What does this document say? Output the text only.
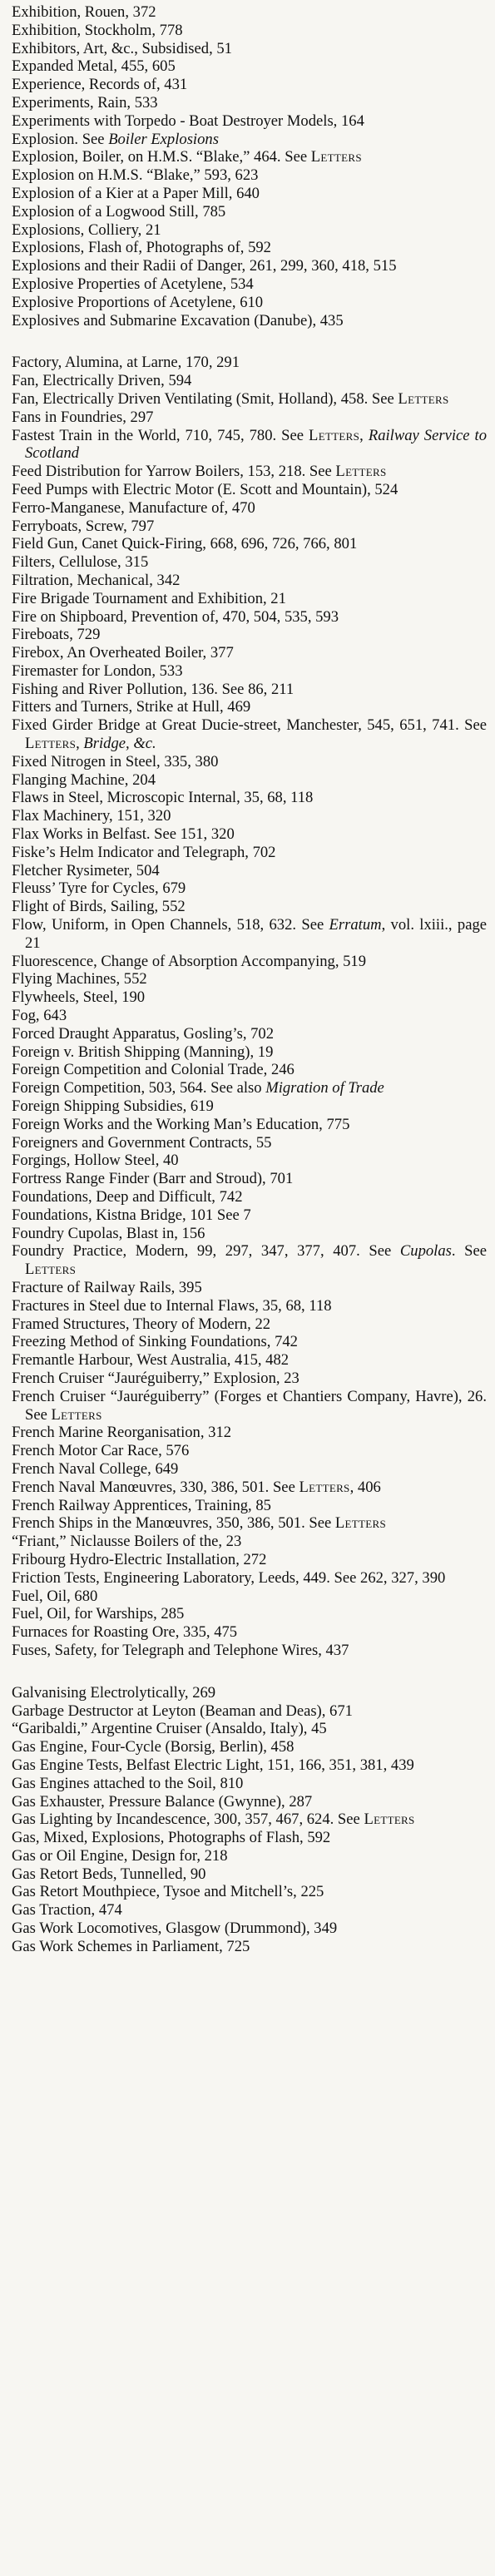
Exhibition, Rouen, 372

Exhibition, Stockholm, 778

Exhibitors, Art, &c., Subsidised, 51

Expanded Metal, 455, 605

Experience, Records of, 431

Experiments, Rain, 533

Experiments with Torpedo - Boat Destroyer Models, 164

Explosion. See Boiler Explosions

Explosion, Boiler, on H.M.S. “Blake,” 464. See Letters

Explosion on H.M.S. “Blake,” 593, 623

Explosion of a Kier at a Paper Mill, 640

Explosion of a Logwood Still, 785

Explosions, Colliery, 21

Explosions, Flash of, Photographs of, 592

Explosions and their Radii of Danger, 261, 299, 360, 418, 515

Explosive Properties of Acetylene, 534

Explosive Proportions of Acetylene, 610

Explosives and Submarine Excavation (Danube), 435

Factory, Alumina, at Larne, 170, 291

Fan, Electrically Driven, 594

Fan, Electrically Driven Ventilating (Smit, Holland), 458. See Letters

Fans in Foundries, 297

Fastest Train in the World, 710, 745, 780. See Letters, Railway Service to Scotland

Feed Distribution for Yarrow Boilers, 153, 218. See Letters

Feed Pumps with Electric Motor (E. Scott and Mountain), 524

Ferro-Manganese, Manufacture of, 470

Ferryboats, Screw, 797

Field Gun, Canet Quick-Firing, 668, 696, 726, 766, 801

Filters, Cellulose, 315

Filtration, Mechanical, 342

Fire Brigade Tournament and Exhibition, 21

Fire on Shipboard, Prevention of, 470, 504, 535, 593

Fireboats, 729

Firebox, An Overheated Boiler, 377

Firemaster for London, 533

Fishing and River Pollution, 136. See 86, 211

Fitters and Turners, Strike at Hull, 469

Fixed Girder Bridge at Great Ducie-street, Manchester, 545, 651, 741. See Letters, Bridge, &c.

Fixed Nitrogen in Steel, 335, 380

Flanging Machine, 204

Flaws in Steel, Microscopic Internal, 35, 68, 118

Flax Machinery, 151, 320

Flax Works in Belfast. See 151, 320

Fiske’s Helm Indicator and Telegraph, 702

Fletcher Rysimeter, 504

Fleuss’ Tyre for Cycles, 679

Flight of Birds, Sailing, 552

Flow, Uniform, in Open Channels, 518, 632. See Erratum, vol. lxiii., page 21

Fluorescence, Change of Absorption Accompanying, 519

Flying Machines, 552

Flywheels, Steel, 190

Fog, 643

Forced Draught Apparatus, Gosling’s, 702

Foreign v. British Shipping (Manning), 19

Foreign Competition and Colonial Trade, 246

Foreign Competition, 503, 564. See also Migration of Trade

Foreign Shipping Subsidies, 619

Foreign Works and the Working Man’s Education, 775

Foreigners and Government Contracts, 55

Forgings, Hollow Steel, 40

Fortress Range Finder (Barr and Stroud), 701

Foundations, Deep and Difficult, 742

Foundations, Kistna Bridge, 101 See 7

Foundry Cupolas, Blast in, 156

Foundry Practice, Modern, 99, 297, 347, 377, 407. See Cupolas. See Letters

Fracture of Railway Rails, 395

Fractures in Steel due to Internal Flaws, 35, 68, 118

Framed Structures, Theory of Modern, 22

Freezing Method of Sinking Foundations, 742

Fremantle Harbour, West Australia, 415, 482

French Cruiser “Jauréguiberry,” Explosion, 23

French Cruiser “Jauréguiberry” (Forges et Chantiers Company, Havre), 26. See Letters

French Marine Reorganisation, 312

French Motor Car Race, 576

French Naval College, 649

French Naval Manœuvres, 330, 386, 501. See Letters, 406

French Railway Apprentices, Training, 85

French Ships in the Manœuvres, 350, 386, 501. See Letters

“Friant,” Niclausse Boilers of the, 23

Fribourg Hydro-Electric Installation, 272

Friction Tests, Engineering Laboratory, Leeds, 449. See 262, 327, 390

Fuel, Oil, 680

Fuel, Oil, for Warships, 285

Furnaces for Roasting Ore, 335, 475

Fuses, Safety, for Telegraph and Telephone Wires, 437

Galvanising Electrolytically, 269

Garbage Destructor at Leyton (Beaman and Deas), 671

“Garibaldi,” Argentine Cruiser (Ansaldo, Italy), 45

Gas Engine, Four-Cycle (Borsig, Berlin), 458

Gas Engine Tests, Belfast Electric Light, 151, 166, 351, 381, 439

Gas Engines attached to the Soil, 810

Gas Exhauster, Pressure Balance (Gwynne), 287

Gas Lighting by Incandescence, 300, 357, 467, 624. See Letters

Gas, Mixed, Explosions, Photographs of Flash, 592

Gas or Oil Engine, Design for, 218

Gas Retort Beds, Tunnelled, 90

Gas Retort Mouthpiece, Tysoe and Mitchell’s, 225

Gas Traction, 474

Gas Work Locomotives, Glasgow (Drummond), 349

Gas Work Schemes in Parliament, 725
